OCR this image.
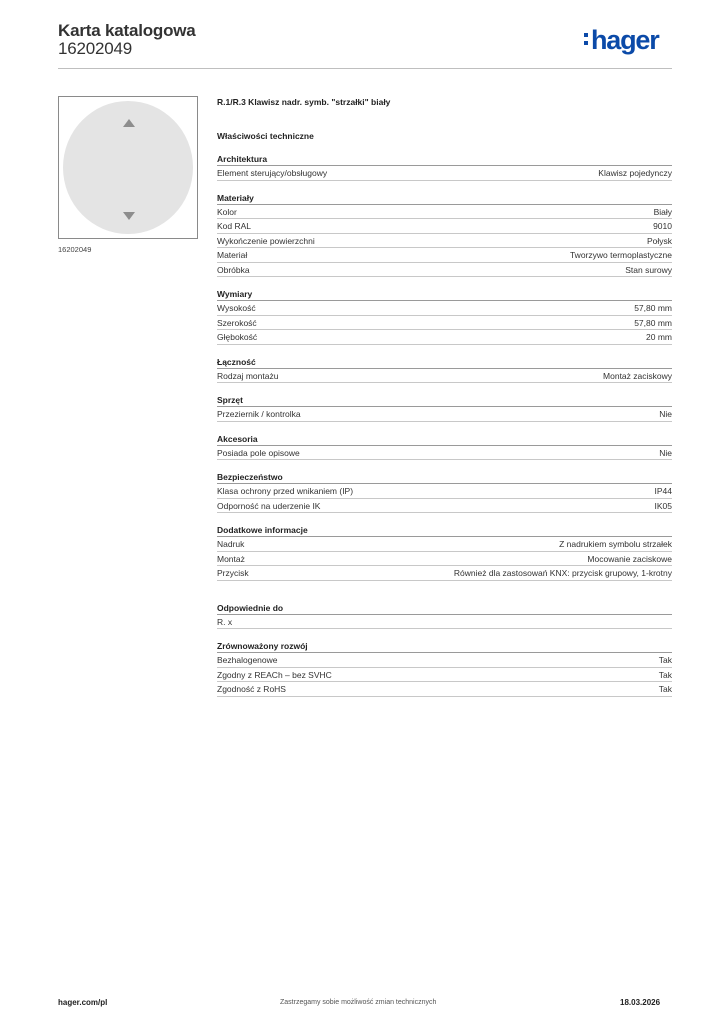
Karta katalogowa
16202049	hager
16202049
R.1/R.3 Klawisz nadr. symb. "strzałki" biały
Właściwości techniczne
Architektura
Element sterujący/obsługowy	Klawisz pojedynczy
Materiały
Kolor	Biały
Kod RAL	9010
Wykończenie powierzchni	Połysk
Materiał	Tworzywo termoplastyczne
Obróbka	Stan surowy
Wymiary
Wysokość	57,80 mm
Szerokość	57,80 mm
Głębokość	20 mm
Łączność
Rodzaj montażu	Montaż zaciskowy
Sprzęt
Przeziernik / kontrolka	Nie
Akcesoria
Posiada pole opisowe	Nie
Bezpieczeństwo
Klasa ochrony przed wnikaniem (IP)	IP44
Odporność na uderzenie IK	IK05
Dodatkowe informacje
Nadruk	Z nadrukiem symbolu strzałek
Montaż	Mocowanie zaciskowe
Przycisk	Również dla zastosowań KNX: przycisk grupowy, 1-krotny
Odpowiednie do
R. x
Zrównoważony rozwój
Bezhalogenowe	Tak
Zgodny z REACh – bez SVHC	Tak
Zgodność z RoHS	Tak
hager.com/pl	Zastrzegamy sobie możliwość zmian technicznych	18.03.2026
